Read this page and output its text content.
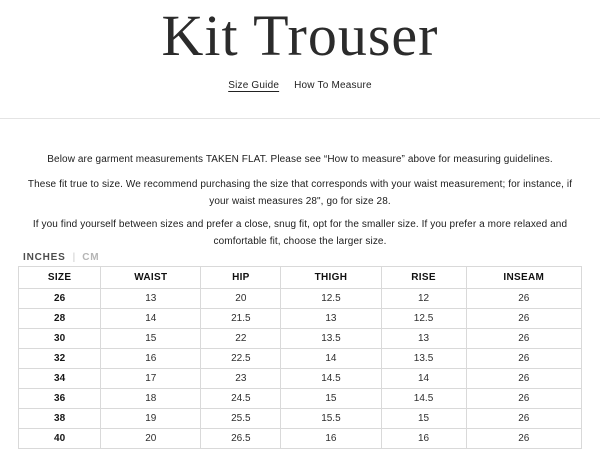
Kit Trouser
Size Guide How To Measure

Below are garment measurements TAKEN FLAT. Please see “How to measure” above for measuring guidelines.

These fit true to size. We recommend purchasing the size that corresponds with your waist measurement; for instance, if your waist measures 28", go for size 28.

If you find yourself between sizes and prefer a close, snug fit, opt for the smaller size. If you prefer a more relaxed and comfortable fit, choose the larger size.

INCHES | CM
SIZE	WAIST	HIP	THIGH	RISE	INSEAM
26	13	20	12.5	12	26
28	14	21.5	13	12.5	26
30	15	22	13.5	13	26
32	16	22.5	14	13.5	26
34	17	23	14.5	14	26
36	18	24.5	15	14.5	26
38	19	25.5	15.5	15	26
40	20	26.5	16	16	26
